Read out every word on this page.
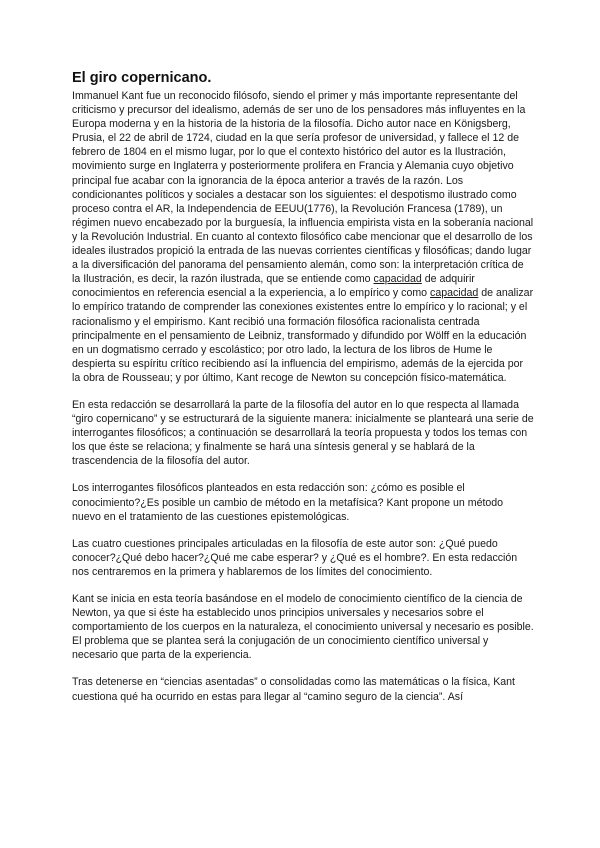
El giro copernicano.

Immanuel Kant fue un reconocido filósofo, siendo el primer y más importante representante del criticismo y precursor del idealismo, además de ser uno de los pensadores más influyentes en la Europa moderna y en la historia de la historia de la filosofía. Dicho autor nace en Königsberg, Prusia, el 22 de abril de 1724, ciudad en la que sería profesor de universidad, y fallece el 12 de febrero de 1804 en el mismo lugar, por lo que el contexto histórico del autor es la Ilustración, movimiento surge en Inglaterra y posteriormente prolifera en Francia y Alemania cuyo objetivo principal fue acabar con la ignorancia de la época anterior a través de la razón. Los condicionantes políticos y sociales a destacar son los siguientes: el despotismo ilustrado como proceso contra el AR, la Independencia de EEUU(1776), la Revolución Francesa (1789), un régimen nuevo encabezado por la burguesía, la influencia empirista vista en la soberanía nacional y la Revolución Industrial. En cuanto al contexto filosófico cabe mencionar que el desarrollo de los ideales ilustrados propició la entrada de las nuevas corrientes científicas y filosóficas; dando lugar a la diversificación del panorama del pensamiento alemán, como son: la interpretación crítica de la Ilustración, es decir, la razón ilustrada, que se entiende como capacidad de adquirir conocimientos en referencia esencial a la experiencia, a lo empírico y como capacidad de analizar lo empírico tratando de comprender las conexiones existentes entre lo empírico y lo racional; y el racionalismo y el empirismo. Kant recibió una formación filosófica racionalista centrada principalmente en el pensamiento de Leibniz, transformado y difundido por Wölff en la educación en un dogmatismo cerrado y escolástico; por otro lado, la lectura de los libros de Hume le despierta su espíritu crítico recibiendo así la influencia del empirismo, además de la ejercida por la obra de Rousseau; y por último, Kant recoge de Newton su concepción físico-matemática.

En esta redacción se desarrollará la parte de la filosofía del autor en lo que respecta al llamada “giro copernicano” y se estructurará de la siguiente manera: inicialmente se planteará una serie de interrogantes filosóficos; a continuación se desarrollará la teoría propuesta y todos los temas con los que éste se relaciona; y finalmente se hará una síntesis general y se hablará de la trascendencia de la filosofía del autor.

Los interrogantes filosóficos planteados en esta redacción son: ¿cómo es posible el conocimiento?¿Es posible un cambio de método en la metafísica? Kant propone un método nuevo en el tratamiento de las cuestiones epistemológicas.

Las cuatro cuestiones principales articuladas en la filosofía de este autor son: ¿Qué puedo conocer?¿Qué debo hacer?¿Qué me cabe esperar? y ¿Qué es el hombre?. En esta redacción nos centraremos en la primera y hablaremos de los límites del conocimiento.

Kant se inicia en esta teoría basándose en el modelo de conocimiento científico de la ciencia de Newton, ya que si éste ha establecido unos principios universales y necesarios sobre el comportamiento de los cuerpos en la naturaleza, el conocimiento universal y necesario es posible. El problema que se plantea será la conjugación de un conocimiento científico universal y necesario que parta de la experiencia.

Tras detenerse en “ciencias asentadas” o consolidadas como las matemáticas o la física, Kant cuestiona qué ha ocurrido en estas para llegar al “camino seguro de la ciencia”. Así
